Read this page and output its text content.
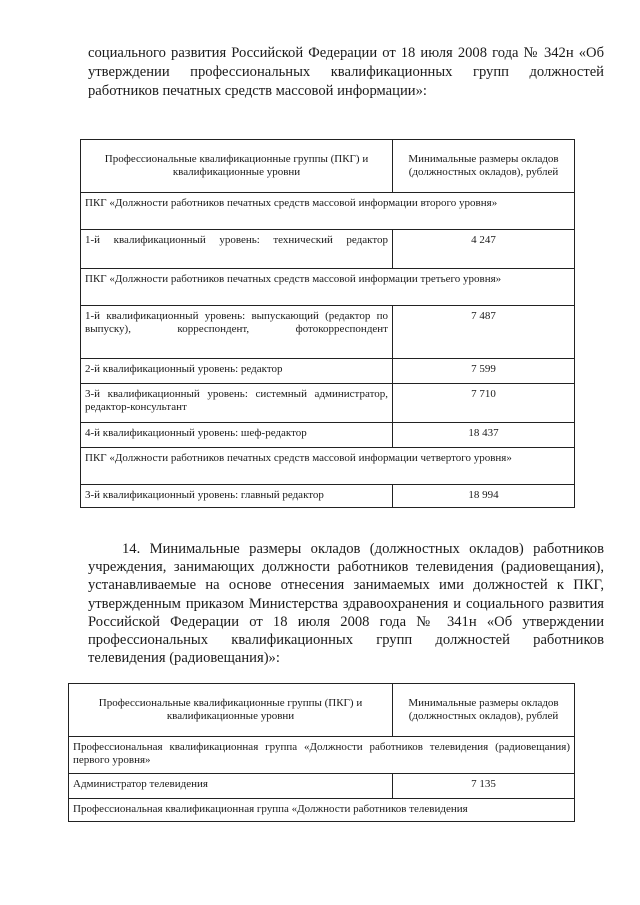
социального развития Российской Федерации от 18 июля 2008 года № 342н «Об утверждении профессиональных квалификационных групп должностей работников печатных средств массовой информации»:

Профессиональные квалификационные группы (ПКГ) и квалификационные уровни	Минимальные размеры окладов (должностных окладов), рублей
ПКГ «Должности работников печатных средств массовой информации второго уровня»	
1-й квалификационный уровень: технический редактор	4 247
ПКГ «Должности работников печатных средств массовой информации третьего уровня»	
1-й квалификационный уровень: выпускающий (редактор по выпуску), корреспондент, фотокорреспондент	7 487
2-й квалификационный уровень: редактор	7 599
3-й квалификационный уровень: системный администратор, редактор-консультант	7 710
4-й квалификационный уровень: шеф-редактор	18 437
ПКГ «Должности работников печатных средств массовой информации четвертого уровня»	
3-й квалификационный уровень: главный редактор	18 994

14. Минимальные размеры окладов (должностных окладов) работников учреждения, занимающих должности работников телевидения (радиовещания), устанавливаемые на основе отнесения занимаемых ими должностей к ПКГ, утвержденным приказом Министерства здравоохранения и социального развития Российской Федерации от 18 июля 2008 года № 341н «Об утверждении профессиональных квалификационных групп должностей работников телевидения (радиовещания)»:

Профессиональные квалификационные группы (ПКГ) и квалификационные уровни	Минимальные размеры окладов (должностных окладов), рублей
Профессиональная квалификационная группа «Должности работников телевидения (радиовещания) первого уровня»	
Администратор телевидения	7 135
Профессиональная квалификационная группа «Должности работников телевидения	
